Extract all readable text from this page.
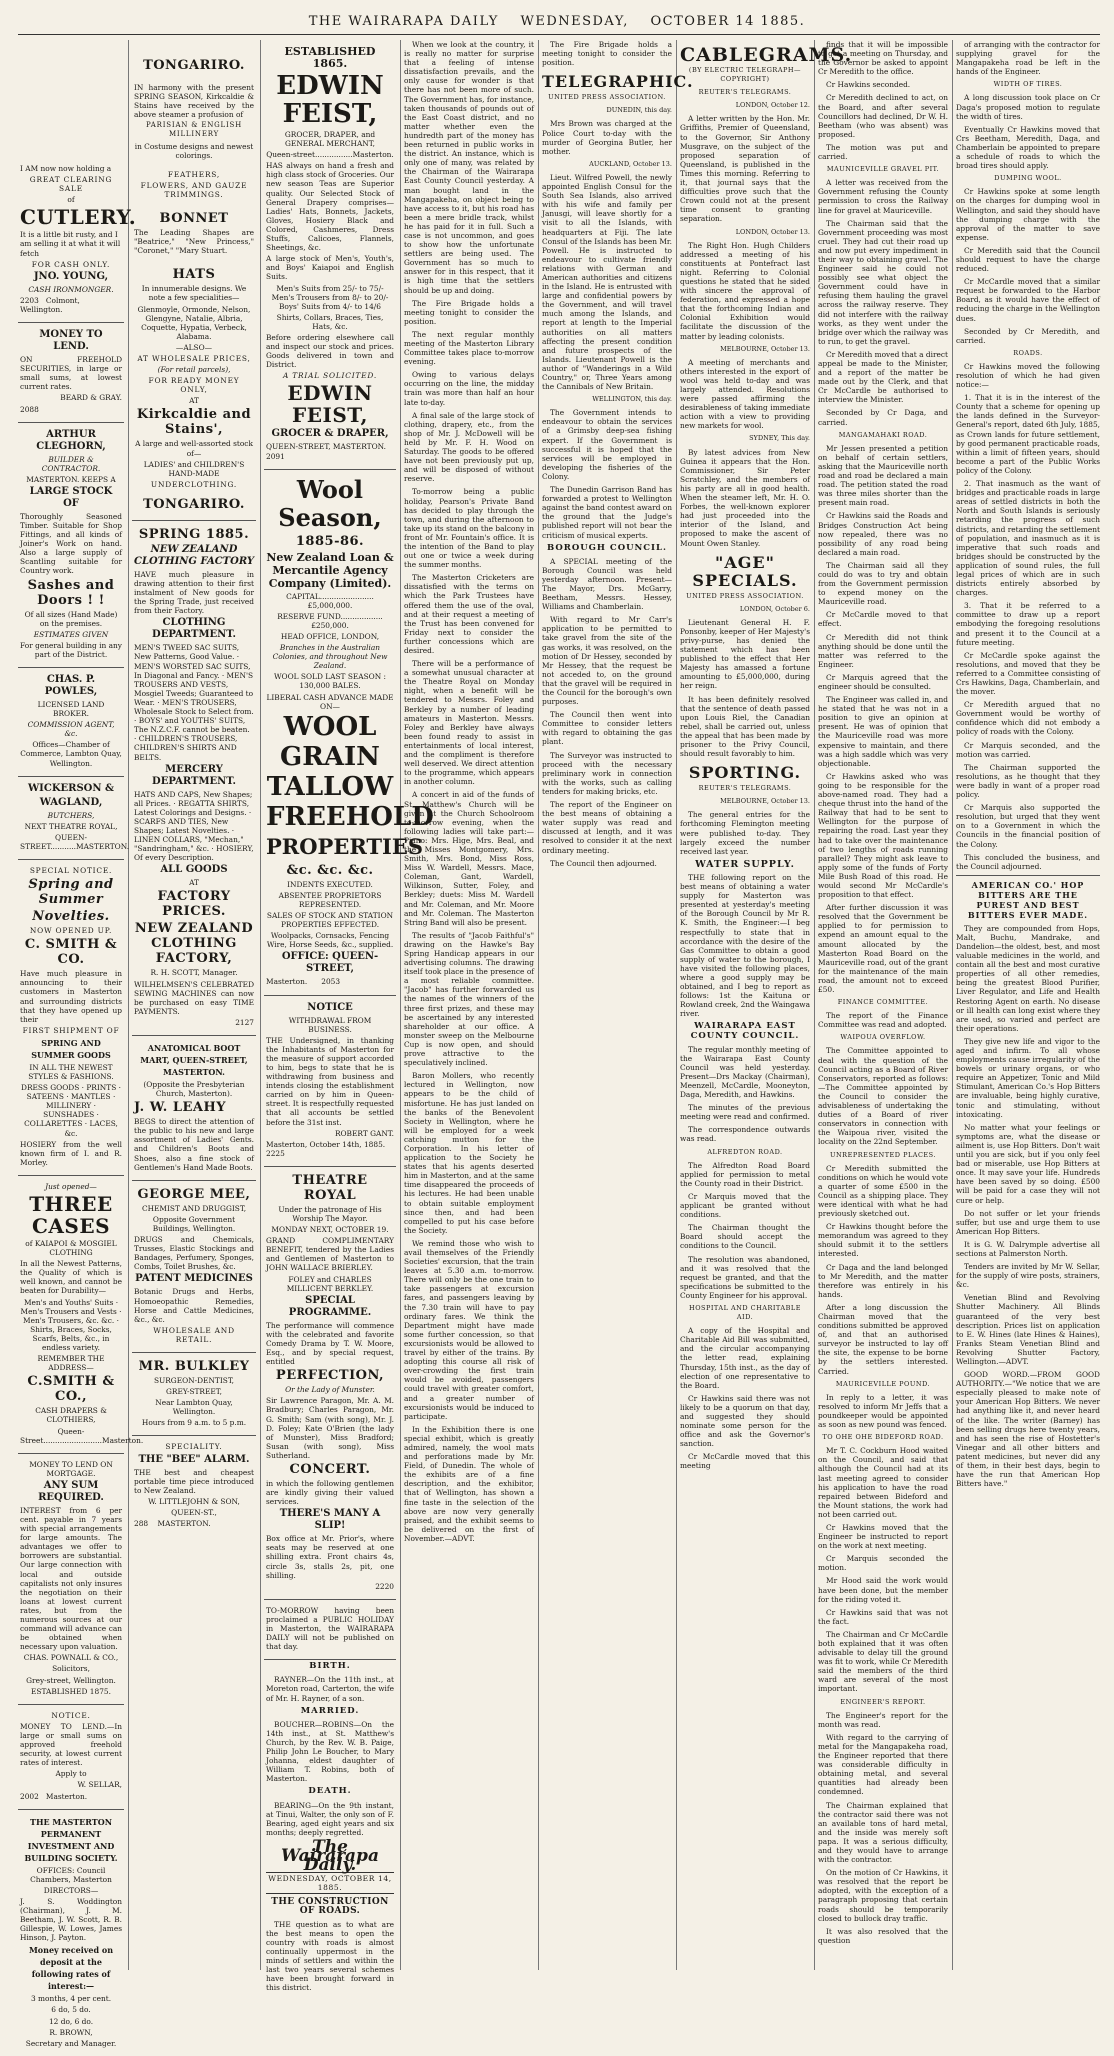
THE WAIRARAPA DAILY WEDNESDAY, OCTOBER 14 1885.

I AM now now holding a

GREAT CLEARING SALE

of

CUTLERY.

It is a little bit rusty, and I am selling it at what it will fetch

FOR CASH ONLY.

JNO. YOUNG,

CASH IRONMONGER.

2203 Colmont, Wellington.

MONEY TO LEND.

ON FREEHOLD SECURITIES, in large or small sums, at lowest current rates.

BEARD & GRAY.

2088

ARTHUR CLEGHORN,

BUILDER & CONTRACTOR.

MASTERTON. KEEPS A

LARGE STOCK OF

Thoroughly Seasoned Timber. Suitable for Shop Fittings, and all kinds of Joiner's Work on hand. Also a large supply of Scantling suitable for Country work.

Sashes and Doors ! !

Of all sizes (Hand Made) on the premises.

ESTIMATES GIVEN

For general building in any part of the District.

CHAS. P. POWLES,

LICENSED LAND BROKER.

COMMISSION AGENT, &c.

Offices—Chamber of Commerce, Lambton Quay, Wellington.

WICKERSON &

WAGLAND,

BUTCHERS,

NEXT THEATRE ROYAL,

QUEEN-STREET...........MASTERTON.

SPECIAL NOTICE.

Spring and Summer

Novelties.

NOW OPENED UP.

C. SMITH & CO.

Have much pleasure in announcing to their customers in Masterton and surrounding districts that they have opened up their

FIRST SHIPMENT OF

SPRING AND SUMMER GOODS

IN ALL THE NEWEST STYLES & FASHIONS.

DRESS GOODS · PRINTS · SATEENS · MANTLES · MILLINERY · SUNSHADES · COLLARETTES · LACES, &c.

HOSIERY from the well known firm of I. and R. Morley.

Just opened—

THREE CASES

of KAIAPOI & MOSGIEL CLOTHING

In all the Newest Patterns, the Quality of which is well known, and cannot be beaten for Durability—

Men's and Youths' Suits · Men's Trousers and Vests · Men's Trousers, &c. &c. · Shirts, Braces, Socks, Scarfs, Belts, &c., in endless variety.

REMEMBER THE ADDRESS—

C.SMITH & CO.,

CASH DRAPERS & CLOTHIERS,

Queen-Street.........................Masterton.

MONEY TO LEND ON MORTGAGE.

ANY SUM REQUIRED.

INTEREST from 6 per cent. payable in 7 years with special arrangements for large amounts. The advantages we offer to borrowers are substantial. Our large connection with local and outside capitalists not only insures the negotiation on their loans at lowest current rates, but from the numerous sources at our command will advance can be obtained when necessary upon valuation.

CHAS. POWNALL & CO.,

Solicitors,

Grey-street, Wellington.

ESTABLISHED 1875.

NOTICE.

MONEY TO LEND.—In large or small sums on approved freehold security, at lowest current rates of interest.

Apply to

W. SELLAR,

2002 Masterton.

THE MASTERTON PERMANENT INVESTMENT AND BUILDING SOCIETY.

OFFICES: Council Chambers, Masterton

DIRECTORS—

J. S. Woddington (Chairman), J. M. Beetham, J. W. Scott, R. B. Gillespie, W. Lowes, James Hinson, J. Payton.

Money received on deposit at the following rates of interest:—

3 months, 4 per cent.

6 do, 5 do.

12 do, 6 do.

R. BROWN,

Secretary and Manager.

TONGARIRO.

IN harmony with the present SPRING SEASON, Kirkcaldie & Stains have received by the above steamer a profusion of

PARISIAN & ENGLISH MILLINERY

in Costume designs and newest colorings.

FEATHERS,

FLOWERS, AND GAUZE TRIMMINGS.

BONNET

The Leading Shapes are "Beatrice," "New Princess," "Coronet," "Mary Stuart.

HATS

In innumerable designs. We note a few specialities—

Glenmoyle, Ormonde, Nelson, Glengyne, Natalie, Albria, Coquette, Hypatia, Verbeck, Alabama.

—ALSO—

AT WHOLESALE PRICES,

(For retail parcels),

FOR READY MONEY ONLY,

AT

Kirkcaldie and Stains',

A large and well-assorted stock of—

LADIES' and CHILDREN'S HAND-MADE

UNDERCLOTHING.

TONGARIRO.

SPRING 1885.

NEW ZEALAND CLOTHING FACTORY

HAVE much pleasure in drawing attention to their first instalment of New goods for the Spring Trade, just received from their Factory.

CLOTHING DEPARTMENT.

MEN'S TWEED SAC SUITS, New Patterns, Good Value. · MEN'S WORSTED SAC SUITS, In Diagonal and Fancy. · MEN'S TROUSERS AND VESTS, Mosgiel Tweeds; Guaranteed to Wear. · MEN'S TROUSERS, Wholesale Stock to Select from. · BOYS' and YOUTHS' SUITS, The N.Z.C.F. cannot be beaten. · CHILDREN'S TROUSERS, CHILDREN'S SHIRTS AND BELTS.

MERCERY DEPARTMENT.

HATS AND CAPS, New Shapes; all Prices. · REGATTA SHIRTS, Latest Colorings and Designs. · SCARFS AND TIES, New Shapes; Latest Novelties. · LINEN COLLARS, "Mechan," "Sandringham," &c. · HOSIERY, Of every Description.

ALL GOODS

AT

FACTORY PRICES.

NEW ZEALAND CLOTHING FACTORY,

R. H. SCOTT, Manager.

WILHELMSEN'S CELEBRATED SEWING MACHINES can now be purchased on easy TIME PAYMENTS.

2127

ANATOMICAL BOOT MART, QUEEN-STREET, MASTERTON.

(Opposite the Presbyterian Church, Masterton).

J. W. LEAHY

BEGS to direct the attention of the public to his new and large assortment of Ladies' Gents. and Children's Boots and Shoes, also a fine stock of Gentlemen's Hand Made Boots.

GEORGE MEE,

CHEMIST AND DRUGGIST,

Opposite Government Buildings, Wellington.

DRUGS and Chemicals, Trusses, Elastic Stockings and Bandages, Perfumery, Sponges, Combs, Toilet Brushes, &c.

PATENT MEDICINES

Botanic Drugs and Herbs, Homoeopathic Remedies, Horse and Cattle Medicines, &c., &c.

WHOLESALE AND RETAIL.

MR. BULKLEY

SURGEON-DENTIST,

GREY-STREET,

Near Lambton Quay, Wellington.

Hours from 9 a.m. to 5 p.m.

SPECIALITY.

THE "BEE" ALARM.

THE best and cheapest portable time piece introduced to New Zealand.

W. LITTLEJOHN & SON,

QUEEN-ST.,

288 MASTERTON.

ESTABLISHED 1865.

EDWIN FEIST,

GROCER, DRAPER, and GENERAL MERCHANT,

Queen-street................Masterton.

HAS always on hand a fresh and high class stock of Groceries. Our new season Teas are Superior quality. Our Selected Stock of General Drapery comprises—Ladies' Hats, Bonnets, Jackets, Gloves, Hosiery Black and Colored, Cashmeres, Dress Stuffs, Calicoes, Flannels, Sheetings, &c.

A large stock of Men's, Youth's, and Boys' Kaiapoi and English Suits.

Men's Suits from 25/- to 75/- Men's Trousers from 8/- to 20/- Boys' Suits from 4/- to 14/6

Shirts, Collars, Braces, Ties, Hats, &c.

Before ordering elsewhere call and inspect our stock and prices. Goods delivered in town and District.

A TRIAL SOLICITED.

EDWIN FEIST,

GROCER & DRAPER,

QUEEN-STREET, MASTERTON. 2091

Wool Season,

1885-86.

New Zealand Loan & Mercantile Agency Company (Limited).

CAPITAL.......................£5,000,000.

RESERVE FUND..................£250,000.

HEAD OFFICE, LONDON,

Branches in the Australian Colonies, and throughout New Zealand.

WOOL SOLD LAST SEASON : 130,000 BALES.

LIBERAL CASH ADVANCE MADE ON—

WOOL

GRAIN

TALLOW

FREEHOLD

PROPERTIES

&c. &c. &c.

INDENTS EXECUTED.

ABSENTEE PROPRIETORS REPRESENTED.

SALES OF STOCK AND STATION PROPERTIES EFFECTED.

Woolpacks, Cornsacks, Fencing Wire, Horse Seeds, &c., supplied.

OFFICE: QUEEN-STREET,

Masterton. 2053

NOTICE

WITHDRAWAL FROM BUSINESS.

THE Undersigned, in thanking the Inhabitants of Masterton for the measure of support accorded to him, begs to state that he is withdrawing from business and intends closing the establishment carried on by him in Queen-street. It is respectfully requested that all accounts be settled before the 31st inst.

ROBERT GANT.

Masterton, October 14th, 1885. 2225

THEATRE ROYAL

Under the patronage of His Worship The Mayor.

MONDAY NEXT, OCTOBER 19.

GRAND COMPLIMENTARY BENEFIT, tendered by the Ladies and Gentlemen of Masterton to JOHN WALLACE BRIERLEY.

FOLEY and CHARLES MILLICENT BERKLEY.

SPECIAL PROGRAMME.

The performance will commence with the celebrated and favorite Comedy Drama by T. W. Moore, Esq., and by special request, entitled

PERFECTION,

Or the Lady of Munster.

Sir Lawrence Paragon, Mr. A. M. Bradbury; Charles Paragon, Mr. G. Smith; Sam (with song), Mr. J. D. Foley; Kate O'Brien (the lady of Munster), Miss Bradford; Susan (with song), Miss Sutherland.

CONCERT.

in which the following gentlemen are kindly giving their valued services.

THERE'S MANY A SLIP!

Box office at Mr. Prior's, where seats may be reserved at one shilling extra. Front chairs 4s, circle 3s, stalls 2s, pit, one shilling.

2220

TO-MORROW having been proclaimed a PUBLIC HOLIDAY in Masterton, the WAIRARAPA DAILY will not be published on that day.

BIRTH.

RAYNER—On the 11th inst., at Moreton road, Carterton, the wife of Mr. H. Rayner, of a son.

MARRIED.

BOUCHER—ROBINS—On the 14th inst., at St. Matthew's Church, by the Rev. W. B. Paige, Philip John Le Boucher, to Mary Johanna, eldest daughter of William T. Robins, both of Masterton.

DEATH.

BEARING—On the 9th instant, at Tinui, Walter, the only son of F. Bearing, aged eight years and six months; deeply regretted.

The Wairarapa Daily.
WEDNESDAY, OCTOBER 14, 1885.
THE CONSTRUCTION OF ROADS.

THE question as to what are the best means to open the country with roads is almost continually uppermost in the minds of settlers and within the last two years several schemes have been brought forward in this district.

When we look at the country, it is really no matter for surprise that a feeling of intense dissatisfaction prevails, and the only cause for wonder is that there has not been more of such. The Government has, for instance, taken thousands of pounds out of the East Coast district, and no matter whether even the hundredth part of the money has been returned in public works in the district. An instance, which is only one of many, was related by the Chairman of the Wairarapa East County Council yesterday. A man bought land in the Mangapakeha, on object being to have access to it, but his road has been a mere bridle track, whilst he has paid for it in full. Such a case is not uncommon, and goes to show how the unfortunate settlers are being used. The Government has so much to answer for in this respect, that it is high time that the settlers should be up and doing.

The Fire Brigade holds a meeting tonight to consider the position.

The next regular monthly meeting of the Masterton Library Committee takes place to-morrow evening.

Owing to various delays occurring on the line, the midday train was more than half an hour late to-day.

A final sale of the large stock of clothing, drapery, etc., from the shop of Mr. J. McDowell will be held by Mr. F. H. Wood on Saturday. The goods to be offered have not been previously put up, and will be disposed of without reserve.

To-morrow being a public holiday, Pearson's Private Band has decided to play through the town, and during the afternoon to take up its stand on the balcony in front of Mr. Fountain's office. It is the intention of the Band to play out one or twice a week during the summer months.

The Masterton Cricketers are dissatisfied with the terms on which the Park Trustees have offered them the use of the oval, and at their request a meeting of the Trust has been convened for Friday next to consider the further concessions which are desired.

There will be a performance of a somewhat unusual character at the Theatre Royal on Monday night, when a benefit will be tendered to Messrs. Foley and Berkley by a number of leading amateurs in Masterton. Messrs. Foley and Berkley have always been found ready to assist in entertainments of local interest, and the compliment is therefore well deserved. We direct attention to the programme, which appears in another column.

A concert in aid of the funds of St. Matthew's Church will be given at the Church Schoolroom to-morrow evening, when the following ladies will take part:—Piano: Mrs. Hige, Mrs. Beal, and the Misses Montgomery, Mrs. Smith, Mrs. Bond, Miss Ross, Miss W. Wardell, Messrs. Mace, Coleman, Gant, Wardell, Wilkinson, Sutter, Foley, and Berkley; duets: Miss M. Wardell and Mr. Coleman, and Mr. Moore and Mr. Coleman. The Masterton String Band will also be present.

The results of "Jacob Faithful's" drawing on the Hawke's Bay Spring Handicap appears in our advertising columns. The drawing itself took place in the presence of a most reliable committee. "Jacob" has further forwarded us the names of the winners of the three first prizes, and these may be ascertained by any interested shareholder at our office. A monster sweep on the Melbourne Cup is now open, and should prove attractive to the speculatively inclined.

Baron Mollers, who recently lectured in Wellington, now appears to be the child of misfortune. He has just landed on the banks of the Benevolent Society in Wellington, where he will be employed for a week catching mutton for the Corporation. In his letter of application to the Society he states that his agents deserted him in Masterton, and at the same time disappeared the proceeds of his lectures. He had been unable to obtain suitable employment since then, and had been compelled to put his case before the Society.

We remind those who wish to avail themselves of the Friendly Societies' excursion, that the train leaves at 5.30 a.m. to-morrow. There will only be the one train to take passengers at excursion fares, and passengers leaving by the 7.30 train will have to pay ordinary fares. We think the Department might have made some further concession, so that excursionists would be allowed to travel by either of the trains. By adopting this course all risk of over-crowding the first train would be avoided, passengers could travel with greater comfort, and a greater number of excursionists would be induced to participate.

In the Exhibition there is one special exhibit, which is greatly admired, namely, the wool mats and perforations made by Mr. Field, of Dunedin. The whole of the exhibits are of a fine description, and the exhibitor, that of Wellington, has shown a fine taste in the selection of the above are now very generally praised, and the exhibit seems to be delivered on the first of November.—ADVT.

The Fire Brigade holds a meeting tonight to consider the position.

TELEGRAPHIC.

UNITED PRESS ASSOCIATION.

DUNEDIN, this day.

Mrs Brown was charged at the Police Court to-day with the murder of Georgina Butler, her mother.

AUCKLAND, October 13.

Lieut. Wilfred Powell, the newly appointed English Consul for the South Sea Islands, also arrived with his wife and family per Janusgi, will leave shortly for a visit to all the Islands, with headquarters at Fiji. The late Consul of the Islands has been Mr. Powell. He is instructed to endeavour to cultivate friendly relations with German and American authorities and citizens in the Island. He is entrusted with large and confidential powers by the Government, and will travel much among the Islands, and report at length to the Imperial authorities on all matters affecting the present condition and future prospects of the Islands. Lieutenant Powell is the author of "Wanderings in a Wild Country," or, Three Years among the Cannibals of New Britain.

WELLINGTON, this day.

The Government intends to endeavour to obtain the services of a Grimsby deep-sea fishing expert. If the Government is successful it is hoped that the services will be employed in developing the fisheries of the Colony.

The Dunedin Garrison Band has forwarded a protest to Wellington against the band contest award on the ground that the Judge's published report will not bear the criticism of musical experts.

BOROUGH COUNCIL.

A SPECIAL meeting of the Borough Council was held yesterday afternoon. Present—The Mayor, Drs. McGarry, Beetham, Messrs. Hessey, Williams and Chamberlain.

With regard to Mr Carr's application to be permitted to take gravel from the site of the gas works, it was resolved, on the motion of Dr Hessey, seconded by Mr Hessey, that the request be not acceded to, on the ground that the gravel will be required in the Council for the borough's own purposes.

The Council then went into Committee to consider letters with regard to obtaining the gas plant.

The Surveyor was instructed to proceed with the necessary preliminary work in connection with the works, such as calling tenders for making bricks, etc.

The report of the Engineer on the best means of obtaining a water supply was read and discussed at length, and it was resolved to consider it at the next ordinary meeting.

The Council then adjourned.

CABLEGRAMS.

(BY ELECTRIC TELEGRAPH—COPYRIGHT)

REUTER'S TELEGRAMS.

LONDON, October 12.

A letter written by the Hon. Mr. Griffiths, Premier of Queensland, to the Governor, Sir Anthony Musgrave, on the subject of the proposed separation of Queensland, is published in the Times this morning. Referring to it, that journal says that the difficulties prove such that the Crown could not at the present time consent to granting separation.

LONDON, October 13.

The Right Hon. Hugh Childers addressed a meeting of his constituents at Pontefract last night. Referring to Colonial questions he stated that he sided with sincere the approval of federation, and expressed a hope that the forthcoming Indian and Colonial Exhibition would facilitate the discussion of the matter by leading colonists.

MELBOURNE, October 13.

A meeting of merchants and others interested in the export of wool was held to-day and was largely attended. Resolutions were passed affirming the desirableness of taking immediate action with a view to providing new markets for wool.

SYDNEY, This day.

By latest advices from New Guinea it appears that the Hon. Commissioner, Sir Peter Scratchley, and the members of his party are all in good health. When the steamer left, Mr. H. O. Forbes, the well-known explorer had just proceeded into the interior of the Island, and proposed to make the ascent of Mount Owen Stanley.

"AGE" SPECIALS.

UNITED PRESS ASSOCIATION.

LONDON, October 6.

Lieutenant General H. F. Ponsonby, keeper of Her Majesty's privy-purse, has denied the statement which has been published to the effect that Her Majesty has amassed a fortune amounting to £5,000,000, during her reign.

It has been definitely resolved that the sentence of death passed upon Louis Riel, the Canadian rebel, shall be carried out, unless the appeal that has been made by prisoner to the Privy Council, should result favorably to him.

SPORTING.

REUTER'S TELEGRAMS.

MELBOURNE, October 13.

The general entries for the forthcoming Flemington meeting were published to-day. They largely exceed the number received last year.

WATER SUPPLY.

THE following report on the best means of obtaining a water supply for Masterton was presented at yesterday's meeting of the Borough Council by Mr R. K. Smith, the Engineer:—I beg respectfully to state that in accordance with the desire of the Gas Committee to obtain a good supply of water to the borough, I have visited the following places, where a good supply may be obtained, and I beg to report as follows: 1st the Kaituna or Rowland creek, 2nd the Waingawa river.

WAIRARAPA EAST COUNTY COUNCIL.

The regular monthly meeting of the Wairarapa East County Council was held yesterday. Present—Drs Mackay (Chairman), Meenzell, McCardle, Mooneyton, Daga, Meredith, and Hawkins.

The minutes of the previous meeting were read and confirmed.

The correspondence outwards was read.

ALFREDTON ROAD.

The Alfredton Road Board applied for permission to metal the County road in their District.

Cr Marquis moved that the applicant be granted without conditions.

The Chairman thought the Board should accept the conditions to the Council.

The resolution was abandoned, and it was resolved that the request be granted, and that the specifications be submitted to the County Engineer for his approval.

HOSPITAL AND CHARITABLE AID.

A copy of the Hospital and Charitable Aid Bill was submitted, and the circular accompanying the letter read, explaining Thursday, 15th inst., as the day of election of one representative to the Board.

Cr Hawkins said there was not likely to be a quorum on that day, and suggested they should nominate some person for the office and ask the Governor's sanction.

Cr McCardle moved that this meeting

finds that it will be impossible to get a meeting on Thursday, and the Governor be asked to appoint Cr Meredith to the office.

Cr Hawkins seconded.

Cr Meredith declined to act, on the Board, and after several Councillors had declined, Dr W. H. Beetham (who was absent) was proposed.

The motion was put and carried.

MAUNICEVILLE GRAVEL PIT.

A letter was received from the Government refusing the County permission to cross the Railway line for gravel at Mauriceville.

The Chairman said that the Government proceeding was most cruel. They had cut their road up and now put every impediment in their way to obtaining gravel. The Engineer said he could not possibly see what object the Government could have in refusing them hauling the gravel across the railway reserve. They did not interfere with the railway works, as they went under the bridge over which the railway was to run, to get the gravel.

Cr Meredith moved that a direct appeal be made to the Minister, and a report of the matter be made out by the Clerk, and that Cr McCardle be authorised to interview the Minister.

Seconded by Cr Daga, and carried.

MANGAMAHAKI ROAD.

Mr Jessen presented a petition on behalf of certain settlers, asking that the Mauriceville north road and road be declared a main road. The petition stated the road was three miles shorter than the present main road.

Cr Hawkins said the Roads and Bridges Construction Act being now repealed, there was no possibility of any road being declared a main road.

The Chairman said all they could do was to try and obtain from the Government permission to expend money on the Mauriceville road.

Cr McCardle moved to that effect.

Cr Meredith did not think anything should be done until the matter was referred to the Engineer.

Cr Marquis agreed that the engineer should be consulted.

The Engineer was called in, and he stated that he was not in a position to give an opinion at present. He was of opinion that the Mauriceville road was more expensive to maintain, and there was a high saddle which was very objectionable.

Cr Hawkins asked who was going to be responsible for the above-named road. They had a cheque thrust into the hand of the Railway that had to be sent to Wellington for the purpose of repairing the road. Last year they had to take over the maintenance of two lengths of roads running parallel? They might ask leave to apply some of the funds of Forty Mile Bush Road of this road. He would second Mr McCardle's proposition to that effect.

After further discussion it was resolved that the Government be applied to for permission to expend an amount equal to the amount allocated by the Masterton Road Board on the Mauriceville road, out of the grant for the maintenance of the main road, the amount not to exceed £50.

FINANCE COMMITTEE.

The report of the Finance Committee was read and adopted.

WAIPOUA OVERFLOW.

The Committee appointed to deal with the question of the Council acting as a Board of River Conservators, reported as follows:—The Committee appointed by the Council to consider the advisableness of undertaking the duties of a Board of river conservators in connection with the Waipoua river, visited the locality on the 22nd September.

UNREPRESENTED PLACES.

Cr Meredith submitted the conditions on which he would vote a quarter of some £500 in the Council as a shipping place. They were identical with what he had previously sketched out.

Cr Hawkins thought before the memorandum was agreed to they should submit it to the settlers interested.

Cr Daga and the land belonged to Mr Meredith, and the matter therefore was entirely in his hands.

After a long discussion the Chairman moved that the conditions submitted be approved of, and that an authorised surveyor be instructed to lay off the site, the expense to be borne by the settlers interested. Carried.

MAURICEVILLE POUND.

In reply to a letter, it was resolved to inform Mr Jeffs that a poundkeeper would be appointed as soon as new pound was fenced.

TO OHE OHE BIDEFORD ROAD.

Mr T. C. Cockburn Hood waited on the Council, and said that although the Council had at its last meeting agreed to consider his application to have the road repaired between Bideford and the Mount stations, the work had not been carried out.

Cr Hawkins moved that the Engineer be instructed to report on the work at next meeting.

Cr Marquis seconded the motion.

Mr Hood said the work would have been done, but the member for the riding voted it.

Cr Hawkins said that was not the fact.

The Chairman and Cr McCardle both explained that it was often advisable to delay till the ground was fit to work, while Cr Meredith said the members of the third ward are several of the most important.

ENGINEER'S REPORT.

The Engineer's report for the month was read.

With regard to the carrying of metal for the Mangapakeha road, the Engineer reported that there was considerable difficulty in obtaining metal, and several quantities had already been condemned.

The Chairman explained that the contractor said there was not an available tons of hard metal, and the inside was merely soft papa. It was a serious difficulty, and they would have to arrange with the contractor.

On the motion of Cr Hawkins, it was resolved that the report be adopted, with the exception of a paragraph proposing that certain roads should be temporarily closed to bullock dray traffic.

It was also resolved that the question

of arranging with the contractor for supplying gravel for the Mangapakeha road be left in the hands of the Engineer.

WIDTH OF TIRES.

A long discussion took place on Cr Daga's proposed motion to regulate the width of tires.

Eventually Cr Hawkins moved that Crs Beetham, Meredith, Daga, and Chamberlain be appointed to prepare a schedule of roads to which the broad tires should apply.

DUMPING WOOL.

Cr Hawkins spoke at some length on the charges for dumping wool in Wellington, and said they should have the dumping charge with the approval of the matter to save expense.

Cr Meredith said that the Council should request to have the charge reduced.

Cr McCardle moved that a similar request be forwarded to the Harbor Board, as it would have the effect of reducing the charge in the Wellington dues.

Seconded by Cr Meredith, and carried.

ROADS.

Cr Hawkins moved the following resolution of which he had given notice:—

1. That it is in the interest of the County that a scheme for opening up the lands defined in the Surveyor-General's report, dated 6th July, 1885, as Crown lands for future settlement, by good permanent practicable roads, within a limit of fifteen years, should become a part of the Public Works policy of the Colony.

2. That inasmuch as the want of bridges and practicable roads in large areas of settled districts in both the North and South Islands is seriously retarding the progress of such districts, and retarding the settlement of population, and inasmuch as it is imperative that such roads and bridges should be constructed by the application of sound rules, the full legal prices of which are in such districts entirely absorbed by charges.

3. That it be referred to a committee to draw up a report embodying the foregoing resolutions and present it to the Council at a future meeting.

Cr McCardle spoke against the resolutions, and moved that they be referred to a Committee consisting of Crs Hawkins, Daga, Chamberlain, and the mover.

Cr Meredith argued that no Government would be worthy of confidence which did not embody a policy of roads with the Colony.

Cr Marquis seconded, and the motion was carried.

The Chairman supported the resolutions, as he thought that they were badly in want of a proper road policy.

Cr Marquis also supported the resolution, but urged that they went on to a Government in which the Councils in the financial position of the Colony.

This concluded the business, and the Council adjourned.

AMERICAN CO.' HOP BITTERS ARE THE PUREST AND BEST BITTERS EVER MADE.

They are compounded from Hops, Malt, Buchu, Mandrake, and Dandelion—the oldest, best, and most valuable medicines in the world, and contain all the best and most curative properties of all other remedies, being the greatest Blood Purifier, Liver Regulator, and Life and Health Restoring Agent on earth. No disease or ill health can long exist where they are used, so varied and perfect are their operations.

They give new life and vigor to the aged and infirm. To all whose employments cause irregularity of the bowels or urinary organs, or who require an Appetizer, Tonic and Mild Stimulant, American Co.'s Hop Bitters are invaluable, being highly curative, tonic and stimulating, without intoxicating.

No matter what your feelings or symptoms are, what the disease or ailment is, use Hop Bitters. Don't wait until you are sick, but if you only feel bad or miserable, use Hop Bitters at once. It may save your life. Hundreds have been saved by so doing. £500 will be paid for a case they will not cure or help.

Do not suffer or let your friends suffer, but use and urge them to use American Hop Bitters.

It is G. W. Dalrymple advertise all sections at Palmerston North.

Tenders are invited by Mr W. Sellar, for the supply of wire posts, strainers, &c.

Venetian Blind and Revolving Shutter Machinery. All Blinds guaranteed of the very best description. Prices list on application to E. W. Hines (late Hines & Haines), Franks Steam Venetian Blind and Revolving Shutter Factory, Wellington.—ADVT.

GOOD WORD.—FROM GOOD AUTHORITY.—"We notice that we are especially pleased to make note of your American Hop Bitters. We never had anything like it, and never heard of the like. The writer (Barney) has been selling drugs here twenty years, and has seen the rise of Hostetter's Vinegar and all other bitters and patent medicines, but never did any of them, in their best days, begin to have the run that American Hop Bitters have."
